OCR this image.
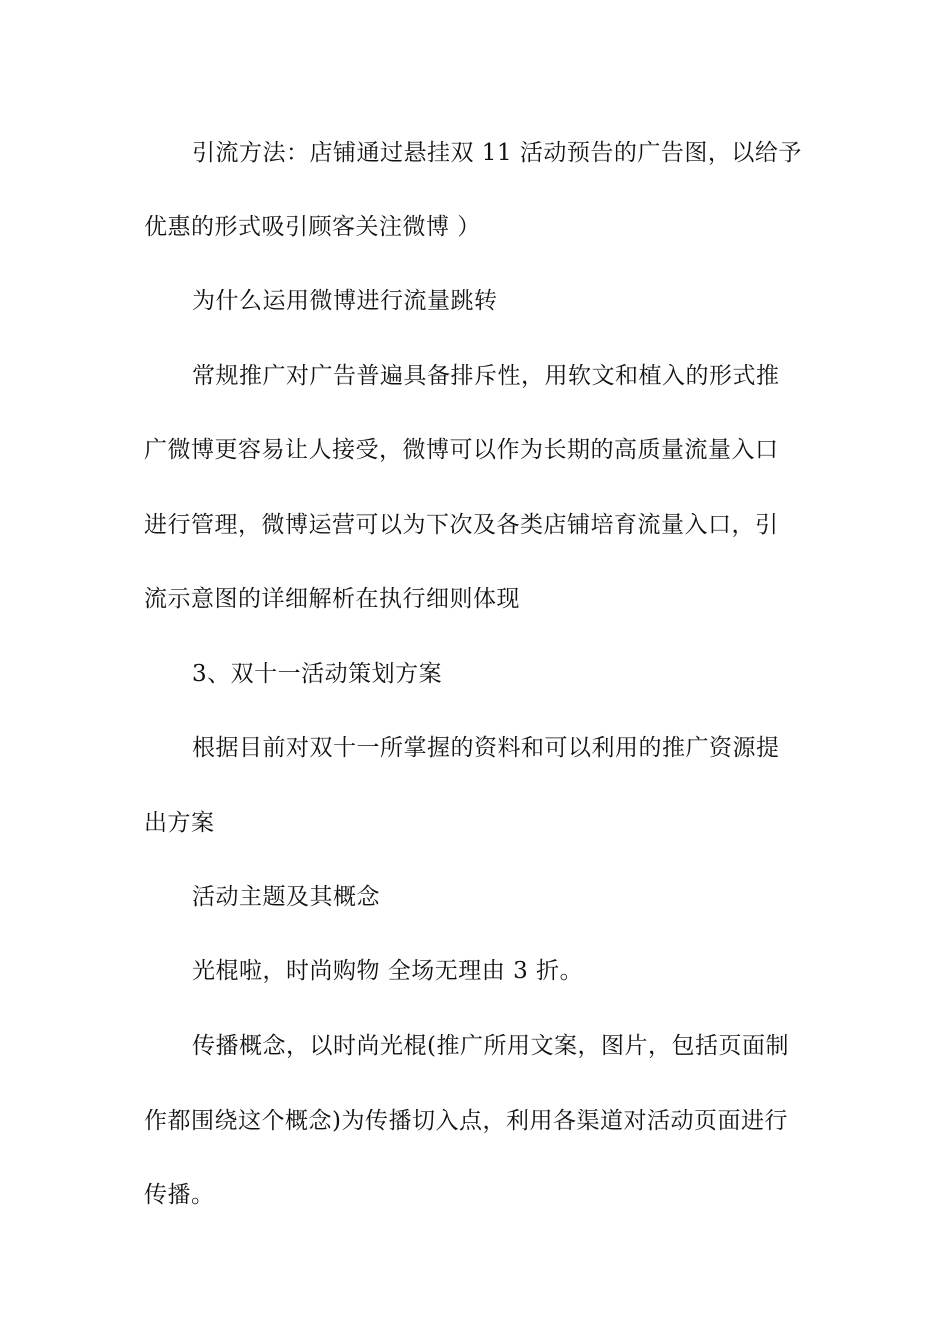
引流方法：店铺通过悬挂双 11 活动预告的广告图，以给予
优惠的形式吸引顾客关注微博 ）
为什么运用微博进行流量跳转
常规推广对广告普遍具备排斥性，用软文和植入的形式推
广微博更容易让人接受，微博可以作为长期的高质量流量入口
进行管理，微博运营可以为下次及各类店铺培育流量入口，引
流示意图的详细解析在执行细则体现
3、双十一活动策划方案
根据目前对双十一所掌握的资料和可以利用的推广资源提
出方案
活动主题及其概念
光棍啦，时尚购物 全场无理由 3 折。
传播概念，以时尚光棍(推广所用文案，图片，包括页面制
作都围绕这个概念)为传播切入点，利用各渠道对活动页面进行
传播。
